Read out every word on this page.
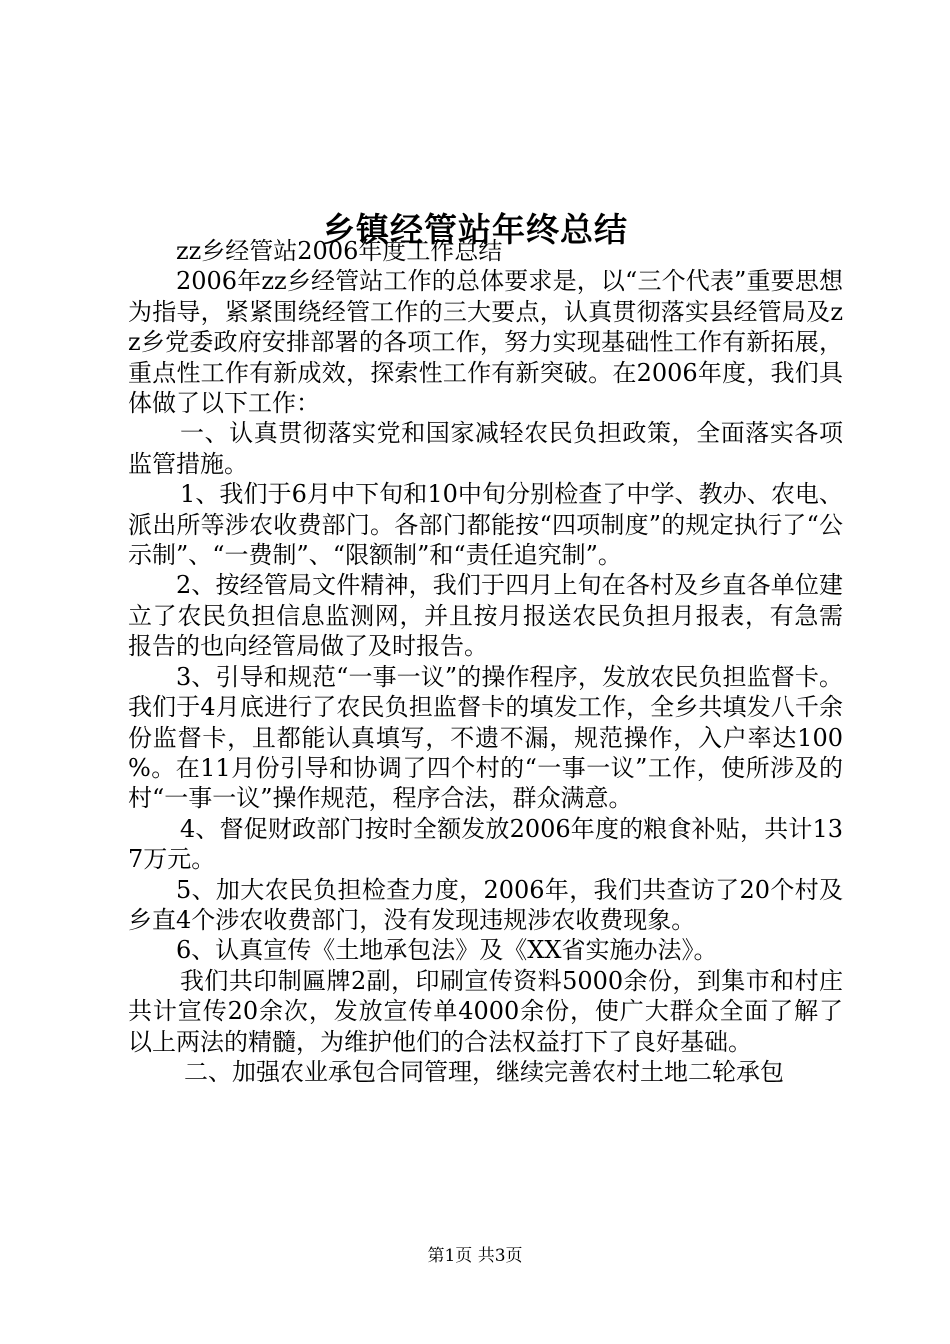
乡镇经管站年终总结

zz乡经管站2006年度工作总结

2006年zz乡经管站工作的总体要求是，以“三个代表”重要思想为指导，紧紧围绕经管工作的三大要点，认真贯彻落实县经管局及zz乡党委政府安排部署的各项工作，努力实现基础性工作有新拓展，重点性工作有新成效，探索性工作有新突破。在2006年度，我们具体做了以下工作：

一、认真贯彻落实党和国家减轻农民负担政策，全面落实各项监管措施。

1、我们于6月中下旬和10中旬分别检查了中学、教办、农电、派出所等涉农收费部门。各部门都能按“四项制度”的规定执行了“公示制”、“一费制”、“限额制”和“责任追究制”。

2、按经管局文件精神，我们于四月上旬在各村及乡直各单位建立了农民负担信息监测网，并且按月报送农民负担月报表，有急需报告的也向经管局做了及时报告。

3、引导和规范“一事一议”的操作程序，发放农民负担监督卡。我们于4月底进行了农民负担监督卡的填发工作，全乡共填发八千余份监督卡，且都能认真填写，不遗不漏，规范操作，入户率达100%。在11月份引导和协调了四个村的“一事一议”工作，使所涉及的村“一事一议”操作规范，程序合法，群众满意。

4、督促财政部门按时全额发放2006年度的粮食补贴，共计137万元。

5、加大农民负担检查力度，2006年，我们共查访了20个村及乡直4个涉农收费部门，没有发现违规涉农收费现象。

6、认真宣传《土地承包法》及《XX省实施办法》。

我们共印制匾牌2副，印刷宣传资料5000余份，到集市和村庄共计宣传20余次，发放宣传单4000余份，使广大群众全面了解了以上两法的精髓，为维护他们的合法权益打下了良好基础。

二、加强农业承包合同管理，继续完善农村土地二轮承包

第1页 共3页
